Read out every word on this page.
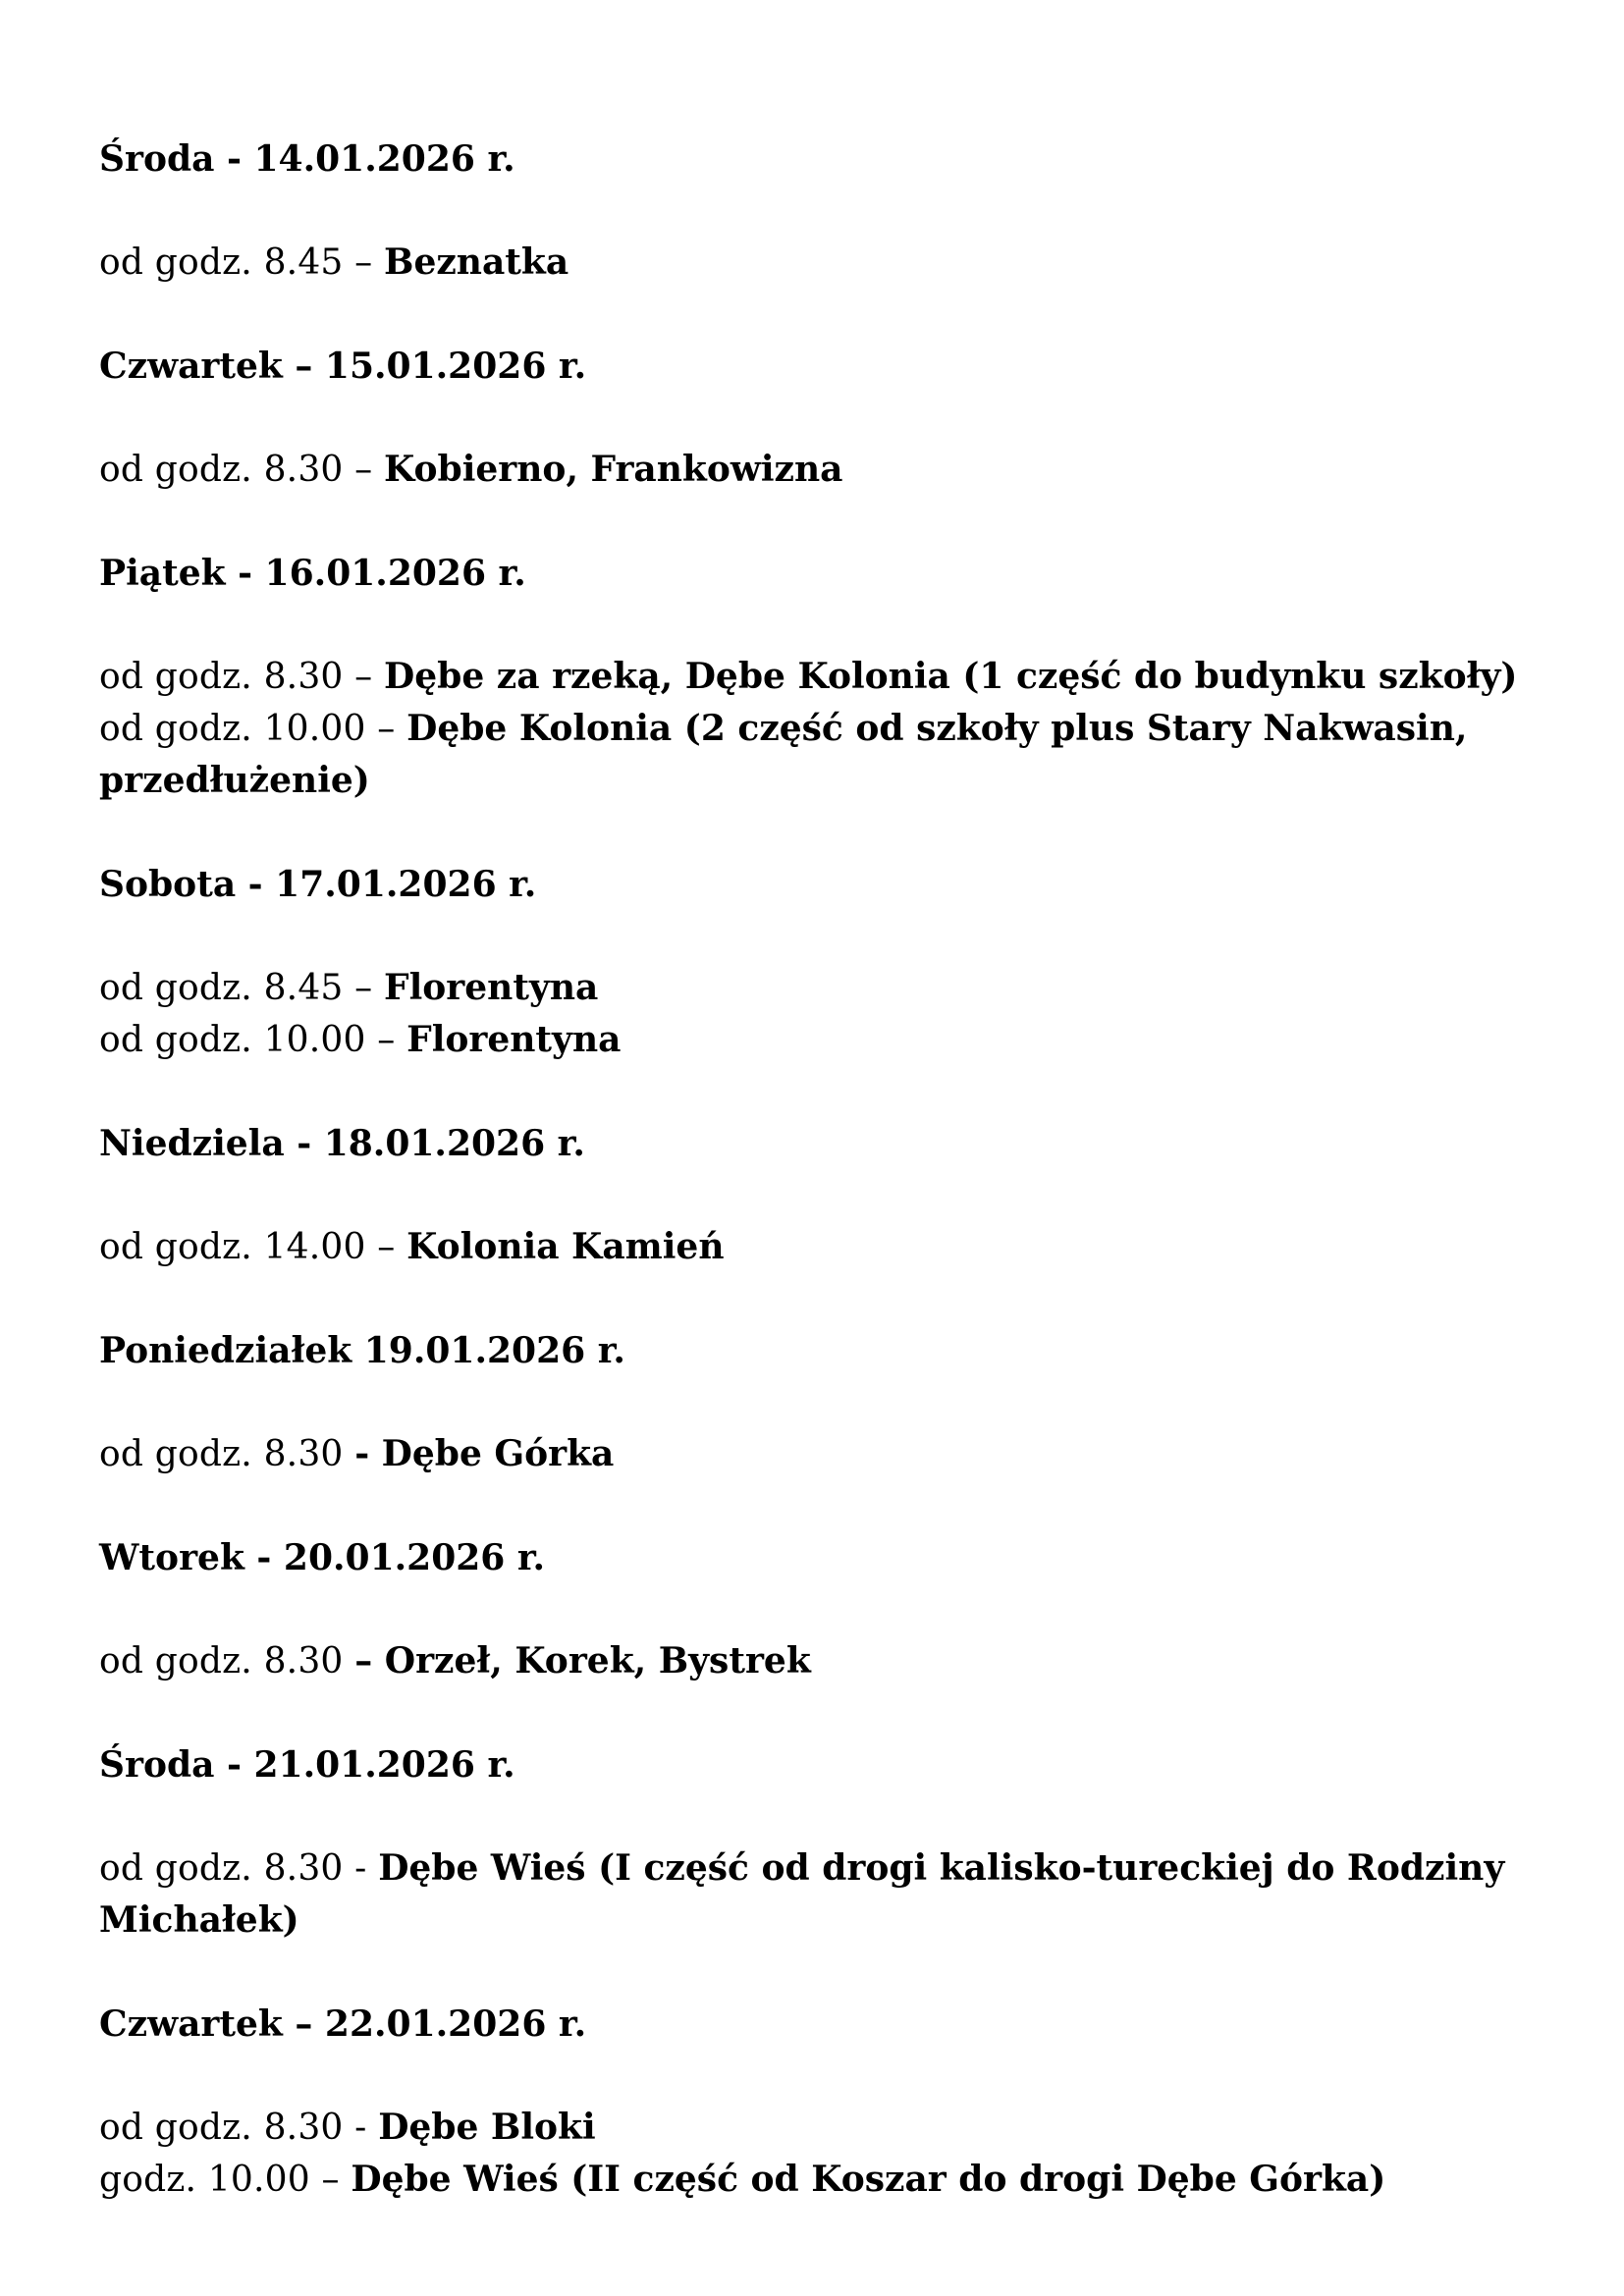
Środa - 14.01.2026 r.

od godz. 8.45 – Beznatka

Czwartek – 15.01.2026 r.

od godz. 8.30 – Kobierno, Frankowizna

Piątek - 16.01.2026 r.

od godz. 8.30 – Dębe za rzeką, Dębe Kolonia (1 część do budynku szkoły)

od godz. 10.00 – Dębe Kolonia (2 część od szkoły plus Stary Nakwasin, przedłużenie)

Sobota - 17.01.2026 r.

od godz. 8.45 – Florentyna

od godz. 10.00 – Florentyna

Niedziela - 18.01.2026 r.

od godz. 14.00 – Kolonia Kamień

Poniedziałek 19.01.2026 r.

od godz. 8.30 - Dębe Górka

Wtorek - 20.01.2026 r.

od godz. 8.30 – Orzeł, Korek, Bystrek

Środa - 21.01.2026 r.

od godz. 8.30 - Dębe Wieś (I część od drogi kalisko-tureckiej do Rodziny Michałek)

Czwartek – 22.01.2026 r.

od godz. 8.30 - Dębe Bloki

godz. 10.00 – Dębe Wieś (II część od Koszar do drogi Dębe Górka)
